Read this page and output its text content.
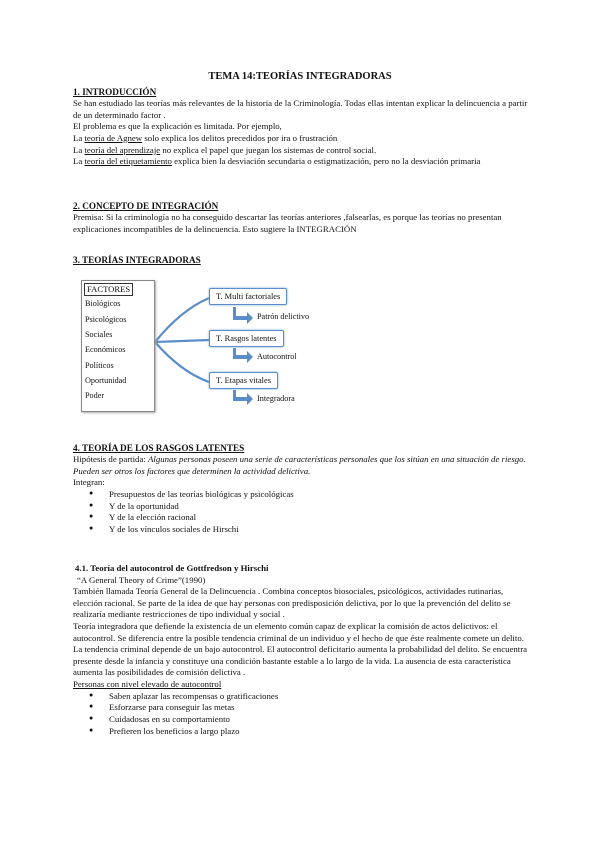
TEMA 14:TEORÍAS INTEGRADORAS
1. INTRODUCCIÓN

Se han estudiado las teorías más relevantes de la historia de la Criminología. Todas ellas intentan explicar la delincuencia a partir de un determinado factor .

El problema es que la explicación es limitada. Por ejemplo,

La teoría de Agnew solo explica los delitos precedidos por ira o frustración

La teoría del aprendizaje no explica el papel que juegan los sistemas de control social.

La teoría del etiquetamiento explica bien la desviación secundaria o estigmatización, pero no la desviación primaria

2. CONCEPTO DE INTEGRACIÓN

Premisa: Si la criminología no ha conseguido descartar las teorías anteriores ,falsearlas, es porque las teorías no presentan explicaciones incompatibles de la delincuencia. Esto sugiere la INTEGRACIÓN

3. TEORÍAS INTEGRADORAS
FACTORES
Biológicos
Psicológicos
Sociales
Económicos
Políticos
Oportunidad
Poder
T. Multi factoriales
T. Rasgos latentes
T. Etapas vitales
Patrón delictivo
Autocontrol
Integradora
4. TEORÍA DE LOS RASGOS LATENTES

Hipótesis de partida: Algunas personas poseen una serie de características personales que los sitúan en una situación de riesgo. Pueden ser otros los factores que determinen la actividad delictiva.

Integran:

● Presupuestos de las teorías biológicas y psicológicas
● Y de la oportunidad
● Y de la elección racional
● Y de los vínculos sociales de Hirschi
4.1. Teoría del autocontrol de Gottfredson y Hirschi

“A General Theory of Crime”(1990)

También llamada Teoría General de la Delincuencia . Combina conceptos biosociales, psicológicos, actividades rutinarias, elección racional. Se parte de la idea de que hay personas con predisposición delictiva, por lo que la prevención del delito se realizaría mediante restricciones de tipo individual y social .

Teoría integradora que defiende la existencia de un elemento común capaz de explicar la comisión de actos delictivos: el autocontrol. Se diferencia entre la posible tendencia criminal de un individuo y el hecho de que éste realmente comete un delito. La tendencia criminal depende de un bajo autocontrol. El autocontrol deficitario aumenta la probabilidad del delito. Se encuentra presente desde la infancia y constituye una condición bastante estable a lo largo de la vida. La ausencia de esta característica aumenta las posibilidades de comisión delictiva .

Personas con nivel elevado de autocontrol

● Saben aplazar las recompensas o gratificaciones
● Esforzarse para conseguir las metas
● Cuidadosas en su comportamiento
● Prefieren los beneficios a largo plazo
